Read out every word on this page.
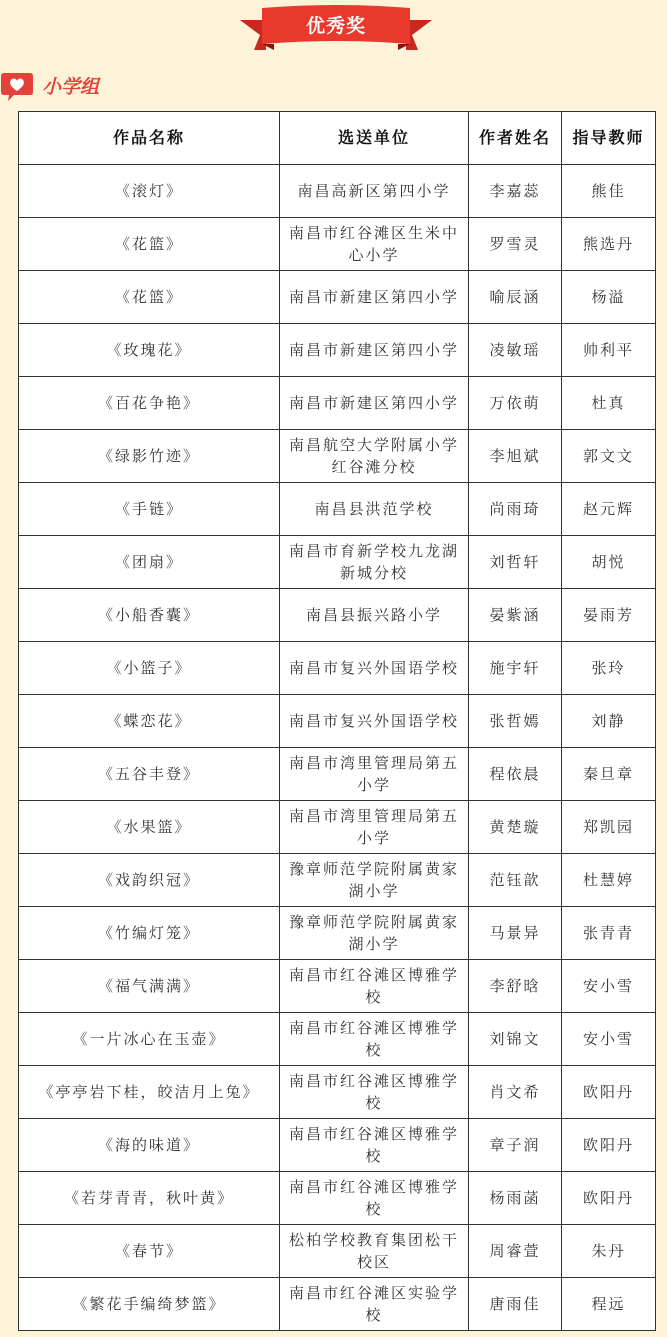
优秀奖
小学组
作品名称	选送单位	作者姓名	指导教师
《滚灯》	南昌高新区第四小学	李嘉蕊	熊佳
《花篮》	南昌市红谷滩区生米中心小学	罗雪灵	熊选丹
《花篮》	南昌市新建区第四小学	喻辰涵	杨溢
《玫瑰花》	南昌市新建区第四小学	凌敏瑶	帅利平
《百花争艳》	南昌市新建区第四小学	万依萌	杜真
《绿影竹迹》	南昌航空大学附属小学红谷滩分校	李旭斌	郭文文
《手链》	南昌县洪范学校	尚雨琦	赵元辉
《团扇》	南昌市育新学校九龙湖新城分校	刘哲轩	胡悦
《小船香囊》	南昌县振兴路小学	晏紫涵	晏雨芳
《小篮子》	南昌市复兴外国语学校	施宇轩	张玲
《蝶恋花》	南昌市复兴外国语学校	张哲嫣	刘静
《五谷丰登》	南昌市湾里管理局第五小学	程依晨	秦旦章
《水果篮》	南昌市湾里管理局第五小学	黄楚璇	郑凯园
《戏韵织冠》	豫章师范学院附属黄家湖小学	范钰歆	杜慧婷
《竹编灯笼》	豫章师范学院附属黄家湖小学	马景异	张青青
《福气满满》	南昌市红谷滩区博雅学校	李舒晗	安小雪
《一片冰心在玉壶》	南昌市红谷滩区博雅学校	刘锦文	安小雪
《亭亭岩下桂，皎洁月上兔》	南昌市红谷滩区博雅学校	肖文希	欧阳丹
《海的味道》	南昌市红谷滩区博雅学校	章子润	欧阳丹
《若芽青青，秋叶黄》	南昌市红谷滩区博雅学校	杨雨菡	欧阳丹
《春节》	松柏学校教育集团松干校区	周睿萱	朱丹
《繁花手编绮梦篮》	南昌市红谷滩区实验学校	唐雨佳	程远
